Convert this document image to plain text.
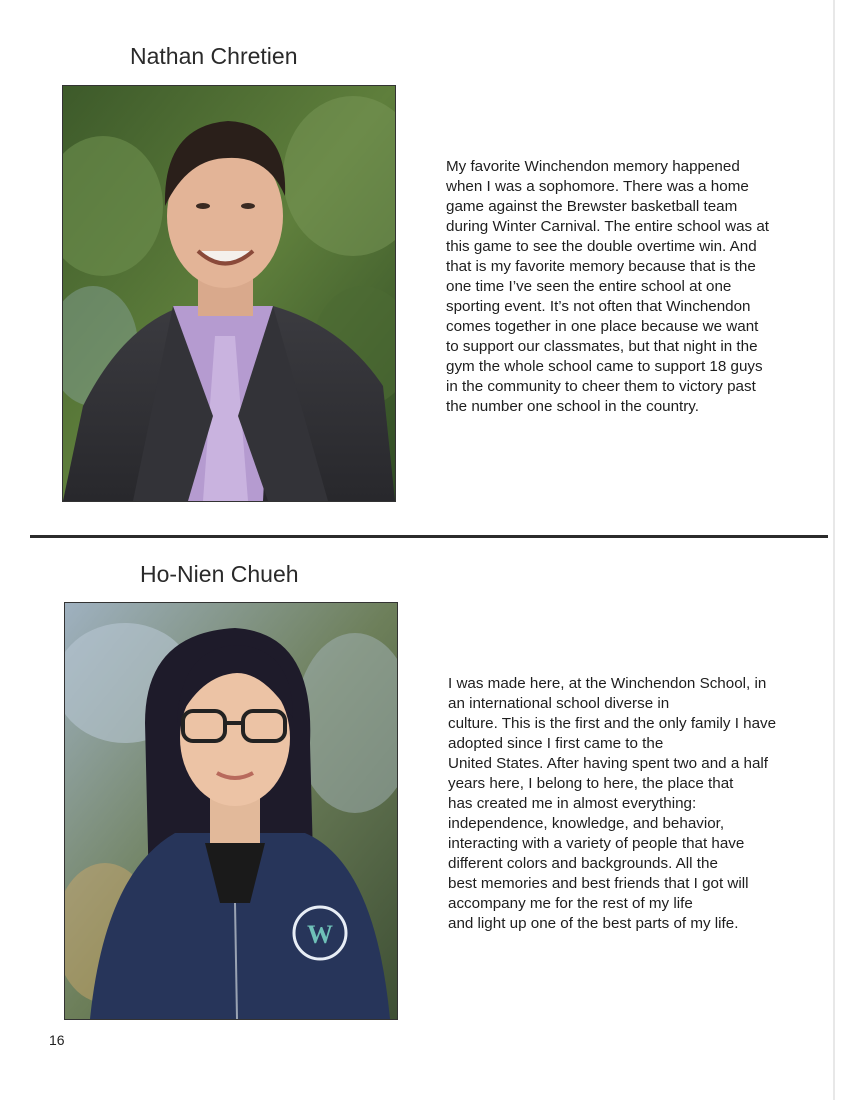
Nathan Chretien

My favorite Winchendon memory happened
when I was a sophomore. There was a home
game against the Brewster basketball team
during Winter Carnival. The entire school was at
this game to see the double overtime win. And
that is my favorite memory because that is the
one time I’ve seen the entire school at one
sporting event. It’s not often that Winchendon
comes together in one place because we want
to support our classmates, but that night in the
gym the whole school came to support 18 guys
in the community to cheer them to victory past
the number one school in the country.

Ho-Nien Chueh
W

I was made here, at the Winchendon School, in
an international school diverse in
culture. This is the first and the only family I have
adopted since I first came to the
United States. After having spent two and a half
years here, I belong to here, the place that
has created me in almost everything:
independence, knowledge, and behavior,
interacting with a variety of people that have
different colors and backgrounds. All the
best memories and best friends that I got will
accompany me for the rest of my life
and light up one of the best parts of my life.

16
